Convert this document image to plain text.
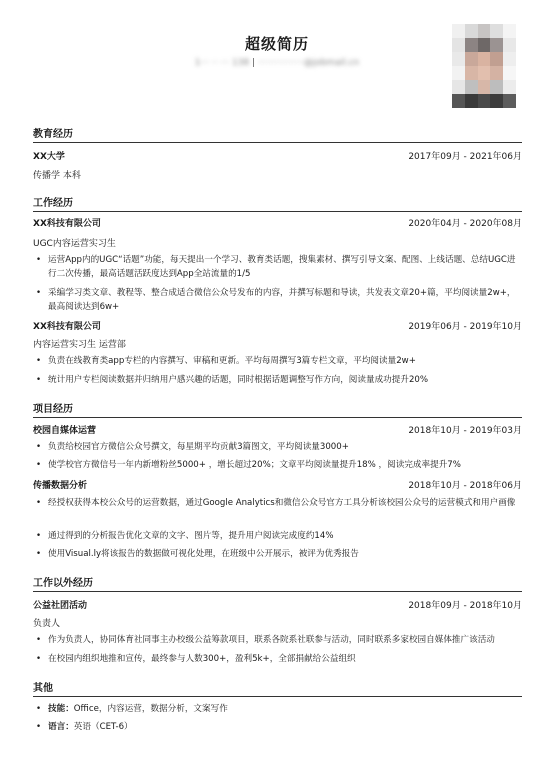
超级简历
1··· ·· ··· 138 | ················@jobmail.cn
教育经历
XX大学	2017年09月 - 2021年06月
传播学 本科
工作经历
XX科技有限公司	2020年04月 - 2020年08月
UGC内容运营实习生
• 运营App内的UGC“话题”功能，每天提出一个学习、教育类话题，搜集素材、撰写引导文案、配图、上线话题、总结UGC进行二次传播，最高话题活跃度达到App全站流量的1/5
• 采编学习类文章、教程等、整合成适合微信公众号发布的内容，并撰写标题和导读，共发表文章20+篇，平均阅读量2w+，最高阅读达到6w+
XX科技有限公司	2019年06月 - 2019年10月
内容运营实习生 运营部
• 负责在线教育类app专栏的内容撰写、审稿和更新。平均每周撰写3篇专栏文章，平均阅读量2w+
• 统计用户专栏阅读数据并归纳用户感兴趣的话题，同时根据话题调整写作方向，阅读量成功提升20%
项目经历
校园自媒体运营	2018年10月 - 2019年03月
• 负责给校园官方微信公众号撰文，每星期平均贡献3篇图文，平均阅读量3000+
• 使学校官方微信号一年内新增粉丝5000+ ，增长超过20%；文章平均阅读量提升18% ，阅读完成率提升7%
传播数据分析	2018年10月 - 2018年06月
• 经授权获得本校公众号的运营数据，通过Google Analytics和微信公众号官方工具分析该校园公众号的运营模式和用户画像
• 通过得到的分析报告优化文章的文字、图片等，提升用户阅读完成度约14%
• 使用Visual.ly将该报告的数据做可视化处理，在班级中公开展示，被评为优秀报告
工作以外经历
公益社团活动	2018年09月 - 2018年10月
负责人
• 作为负责人，协同体育社同事主办校级公益筹款项目，联系各院系社联参与活动，同时联系多家校园自媒体推广该活动
• 在校园内组织地推和宣传，最终参与人数300+，盈利5k+，全部捐献给公益组织
其他
• 技能：Office，内容运营，数据分析，文案写作
• 语言：英语（CET-6）
